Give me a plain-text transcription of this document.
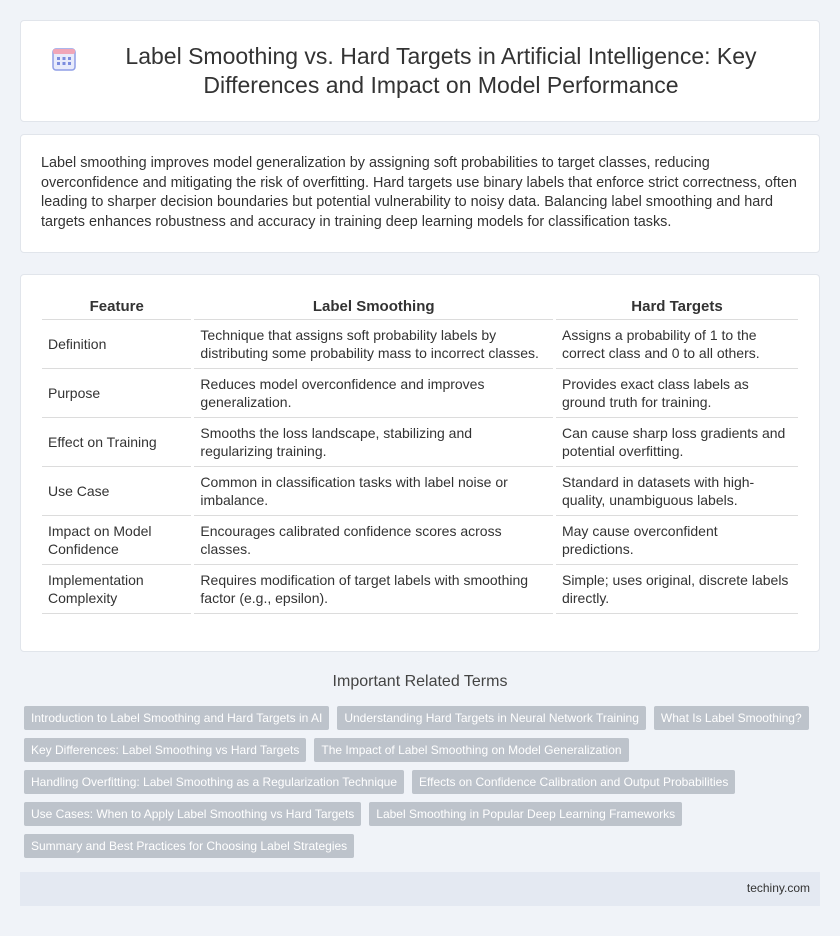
Label Smoothing vs. Hard Targets in Artificial Intelligence: Key Differences and Impact on Model Performance

Label smoothing improves model generalization by assigning soft probabilities to target classes, reducing overconfidence and mitigating the risk of overfitting. Hard targets use binary labels that enforce strict correctness, often leading to sharper decision boundaries but potential vulnerability to noisy data. Balancing label smoothing and hard targets enhances robustness and accuracy in training deep learning models for classification tasks.

Feature	Label Smoothing	Hard Targets
Definition	Technique that assigns soft probability labels by distributing some probability mass to incorrect classes.	Assigns a probability of 1 to the correct class and 0 to all others.
Purpose	Reduces model overconfidence and improves generalization.	Provides exact class labels as ground truth for training.
Effect on Training	Smooths the loss landscape, stabilizing and regularizing training.	Can cause sharp loss gradients and potential overfitting.
Use Case	Common in classification tasks with label noise or imbalance.	Standard in datasets with high-quality, unambiguous labels.
Impact on Model Confidence	Encourages calibrated confidence scores across classes.	May cause overconfident predictions.
Implementation Complexity	Requires modification of target labels with smoothing factor (e.g., epsilon).	Simple; uses original, discrete labels directly.
Important Related Terms
Introduction to Label Smoothing and Hard Targets in AI	Understanding Hard Targets in Neural Network Training	What Is Label Smoothing?
Key Differences: Label Smoothing vs Hard Targets	The Impact of Label Smoothing on Model Generalization
Handling Overfitting: Label Smoothing as a Regularization Technique	Effects on Confidence Calibration and Output Probabilities
Use Cases: When to Apply Label Smoothing vs Hard Targets	Label Smoothing in Popular Deep Learning Frameworks
Summary and Best Practices for Choosing Label Strategies
techiny.com
